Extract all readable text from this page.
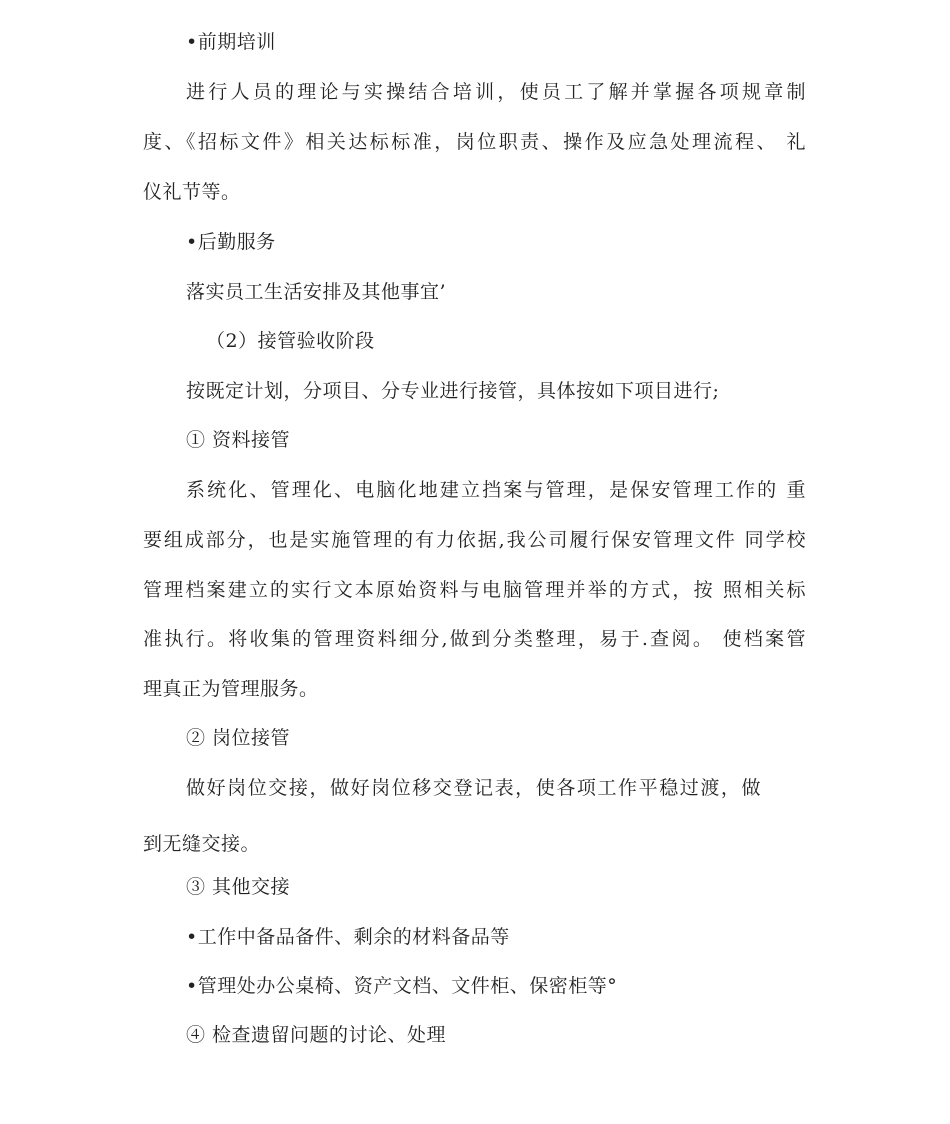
•前期培训
进行人员的理论与实操结合培训，使员工了解并掌握各项规章制
度、《招标文件》相关达标标准，岗位职责、操作及应急处理流程、 礼
仪礼节等。
•后勤服务
落实员工生活安排及其他事宜’
（2）接管验收阶段
按既定计划，分项目、分专业进行接管，具体按如下项目进行;
① 资料接管
系统化、管理化、电脑化地建立挡案与管理，是保安管理工作的 重
要组成部分，也是实施管理的有力依据,我公司履行保安管理文件 同学校
管理档案建立的实行文本原始资料与电脑管理并举的方式，按 照相关标
准执行。将收集的管理资料细分,做到分类整理，易于.查阅。 使档案管
理真正为管理服务。
② 岗位接管
做好岗位交接，做好岗位移交登记表，使各项工作平稳过渡，做
到无缝交接。
③ 其他交接
•工作中备品备件、剩余的材料备品等
•管理处办公桌椅、资产文档、文件柜、保密柜等°
④ 检查遗留问题的讨论、处理
